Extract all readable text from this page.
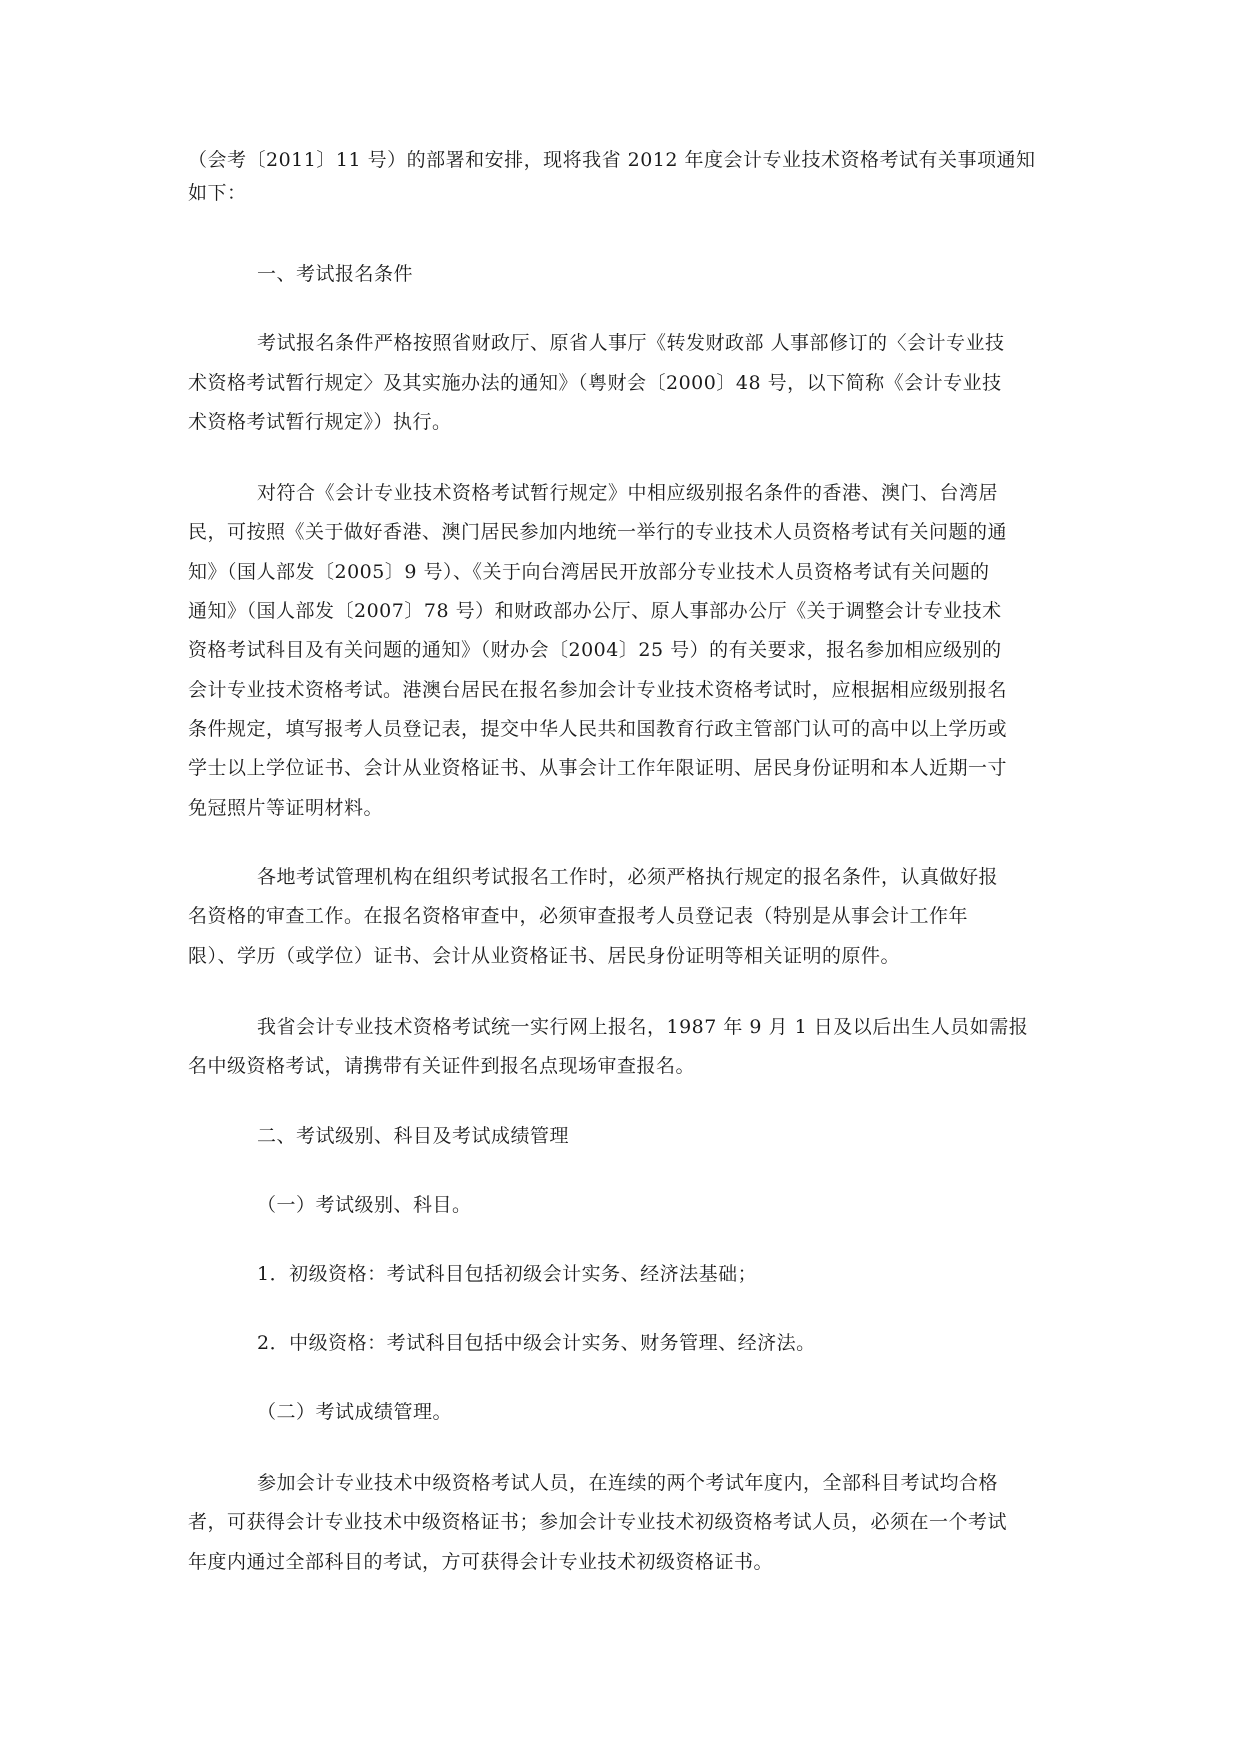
（会考〔2011〕11 号）的部署和安排，现将我省 2012 年度会计专业技术资格考试有关事项通知
如下：
一、考试报名条件
考试报名条件严格按照省财政厅、原省人事厅《转发财政部 人事部修订的〈会计专业技
术资格考试暂行规定〉及其实施办法的通知》（粤财会〔2000〕48 号，以下简称《会计专业技
术资格考试暂行规定》）执行。
对符合《会计专业技术资格考试暂行规定》中相应级别报名条件的香港、澳门、台湾居
民，可按照《关于做好香港、澳门居民参加内地统一举行的专业技术人员资格考试有关问题的通
知》（国人部发〔2005〕9 号）、《关于向台湾居民开放部分专业技术人员资格考试有关问题的
通知》（国人部发〔2007〕78 号）和财政部办公厅、原人事部办公厅《关于调整会计专业技术
资格考试科目及有关问题的通知》（财办会〔2004〕25 号）的有关要求，报名参加相应级别的
会计专业技术资格考试。港澳台居民在报名参加会计专业技术资格考试时，应根据相应级别报名
条件规定，填写报考人员登记表，提交中华人民共和国教育行政主管部门认可的高中以上学历或
学士以上学位证书、会计从业资格证书、从事会计工作年限证明、居民身份证明和本人近期一寸
免冠照片等证明材料。
各地考试管理机构在组织考试报名工作时，必须严格执行规定的报名条件，认真做好报
名资格的审查工作。在报名资格审查中，必须审查报考人员登记表（特别是从事会计工作年
限）、学历（或学位）证书、会计从业资格证书、居民身份证明等相关证明的原件。
我省会计专业技术资格考试统一实行网上报名，1987 年 9 月 1 日及以后出生人员如需报
名中级资格考试，请携带有关证件到报名点现场审查报名。
二、考试级别、科目及考试成绩管理
（一）考试级别、科目。
1．初级资格：考试科目包括初级会计实务、经济法基础；
2．中级资格：考试科目包括中级会计实务、财务管理、经济法。
（二）考试成绩管理。
参加会计专业技术中级资格考试人员，在连续的两个考试年度内，全部科目考试均合格
者，可获得会计专业技术中级资格证书；参加会计专业技术初级资格考试人员，必须在一个考试
年度内通过全部科目的考试，方可获得会计专业技术初级资格证书。
